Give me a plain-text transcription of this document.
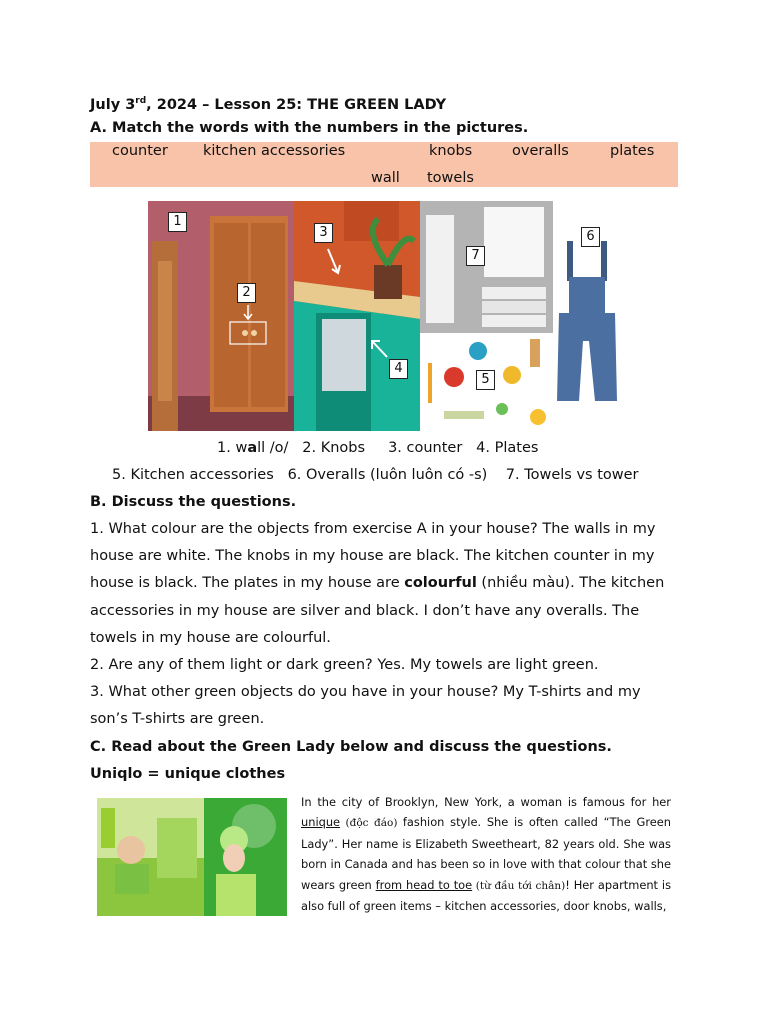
July 3rd, 2024 – Lesson 25: THE GREEN LADY

A. Match the words with the numbers in the pictures.

counter kitchen accessories	knobs	overalls	plates
wall towels
1
2
3
4
7
5
6
1. wall /o/ 2. Knobs 3. counter 4. Plates
5. Kitchen accessories 6. Overalls (luôn luôn có -s) 7. Towels vs tower

B. Discuss the questions.

1. What colour are the objects from exercise A in your house? The walls in my house are white. The knobs in my house are black. The kitchen counter in my house is black. The plates in my house are colourful (nhiều màu). The kitchen accessories in my house are silver and black. I don’t have any overalls. The towels in my house are colourful.

2. Are any of them light or dark green? Yes. My towels are light green.

3. What other green objects do you have in your house? My T-shirts and my son’s T-shirts are green.

C. Read about the Green Lady below and discuss the questions.

Uniqlo = unique clothes

In the city of Brooklyn, New York, a woman is famous for her unique (độc đáo) fashion style. She is often called “The Green Lady”. Her name is Elizabeth Sweetheart, 82 years old. She was born in Canada and has been so in love with that colour that she wears green from head to toe (từ đầu tới chân)! Her apartment is also full of green items – kitchen accessories, door knobs, walls,
